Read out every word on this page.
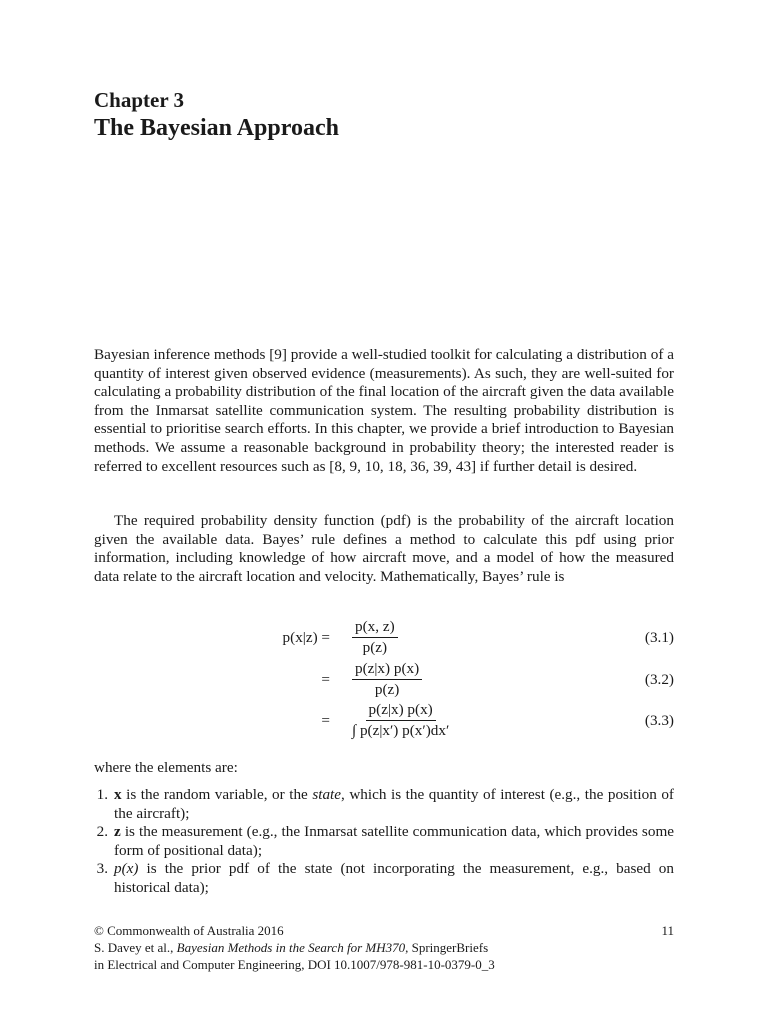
Chapter 3
The Bayesian Approach
Bayesian inference methods [9] provide a well-studied toolkit for calculating a distribution of a quantity of interest given observed evidence (measurements). As such, they are well-suited for calculating a probability distribution of the final location of the aircraft given the data available from the Inmarsat satellite communication system. The resulting probability distribution is essential to prioritise search efforts. In this chapter, we provide a brief introduction to Bayesian methods. We assume a reasonable background in probability theory; the interested reader is referred to excellent resources such as [8, 9, 10, 18, 36, 39, 43] if further detail is desired.
The required probability density function (pdf) is the probability of the aircraft location given the available data. Bayes’ rule defines a method to calculate this pdf using prior information, including knowledge of how aircraft move, and a model of how the measured data relate to the aircraft location and velocity. Mathematically, Bayes’ rule is
$p(x|z) = \frac{p(x, z)}{p(z)}$	(3.1)
= $\frac{p(z|x) p(x)}{p(z)}$	(3.2)
= $\frac{p(z|x) p(x)}{\int p(z|x') p(x')dx'}$	(3.3)
where the elements are:
1. x is the random variable, or the state, which is the quantity of interest (e.g., the position of the aircraft);
2. z is the measurement (e.g., the Inmarsat satellite communication data, which provides some form of positional data);
3. p(x) is the prior pdf of the state (not incorporating the measurement, e.g., based on historical data);
© Commonwealth of Australia 2016	11
S. Davey et al., Bayesian Methods in the Search for MH370, SpringerBriefs
in Electrical and Computer Engineering, DOI 10.1007/978-981-10-0379-0_3
